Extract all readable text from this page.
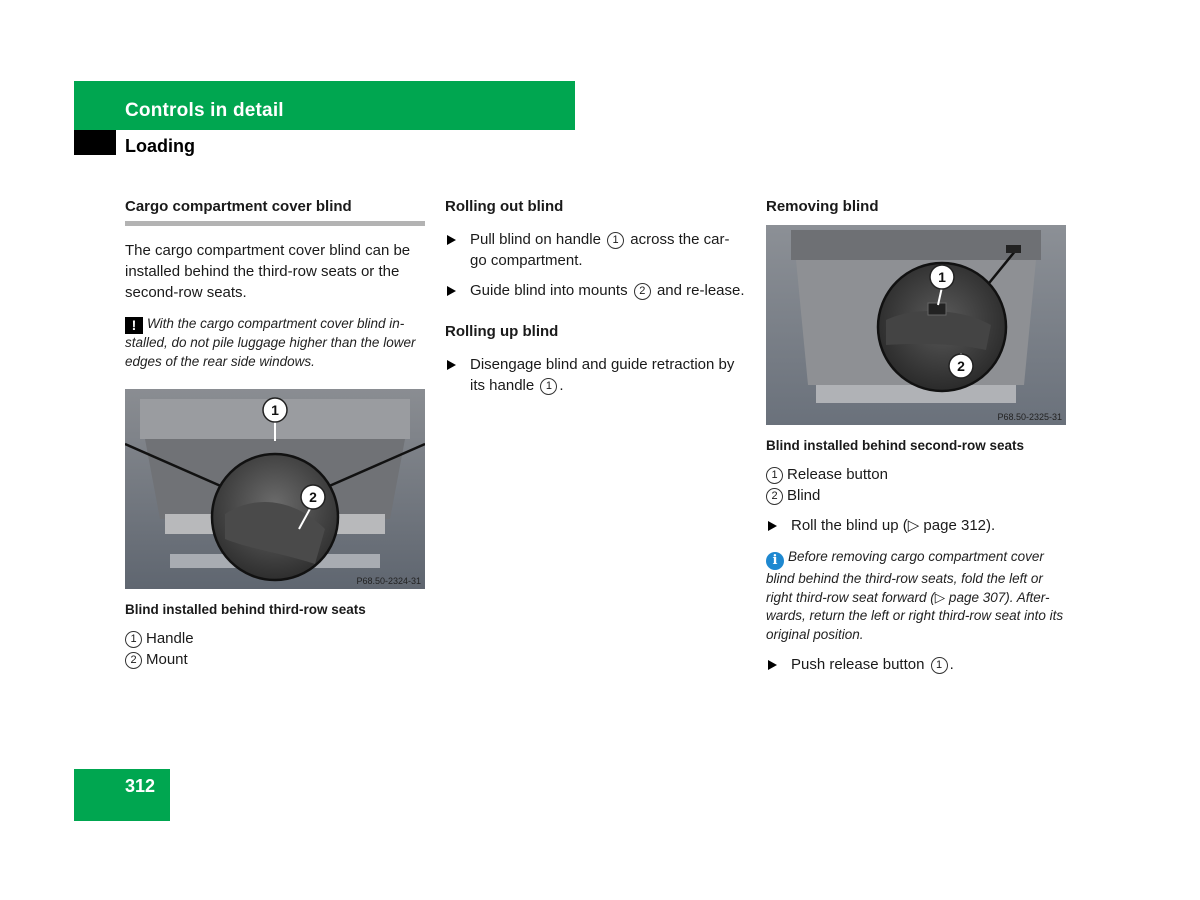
Controls in detail
Loading
Cargo compartment cover blind

The cargo compartment cover blind can be installed behind the third-row seats or the second-row seats.

! With the cargo compartment cover blind in-stalled, do not pile luggage higher than the lower edges of the rear side windows.
1
2
P68.50-2324-31
Blind installed behind third-row seats

1 Handle

2 Mount

Rolling out blind
Pull blind on handle 1 across the car-go compartment.
Guide blind into mounts 2 and re-lease.
Rolling up blind
Disengage blind and guide retraction by its handle 1 .
Removing blind
1
2
P68.50-2325-31
Blind installed behind second-row seats

1 Release button

2 Blind

Roll the blind up (▷ page 312).
i Before removing cargo compartment cover blind behind the third-row seats, fold the left or right third-row seat forward (▷ page 307). After-wards, return the left or right third-row seat into its original position.
Push release button 1 .
312
